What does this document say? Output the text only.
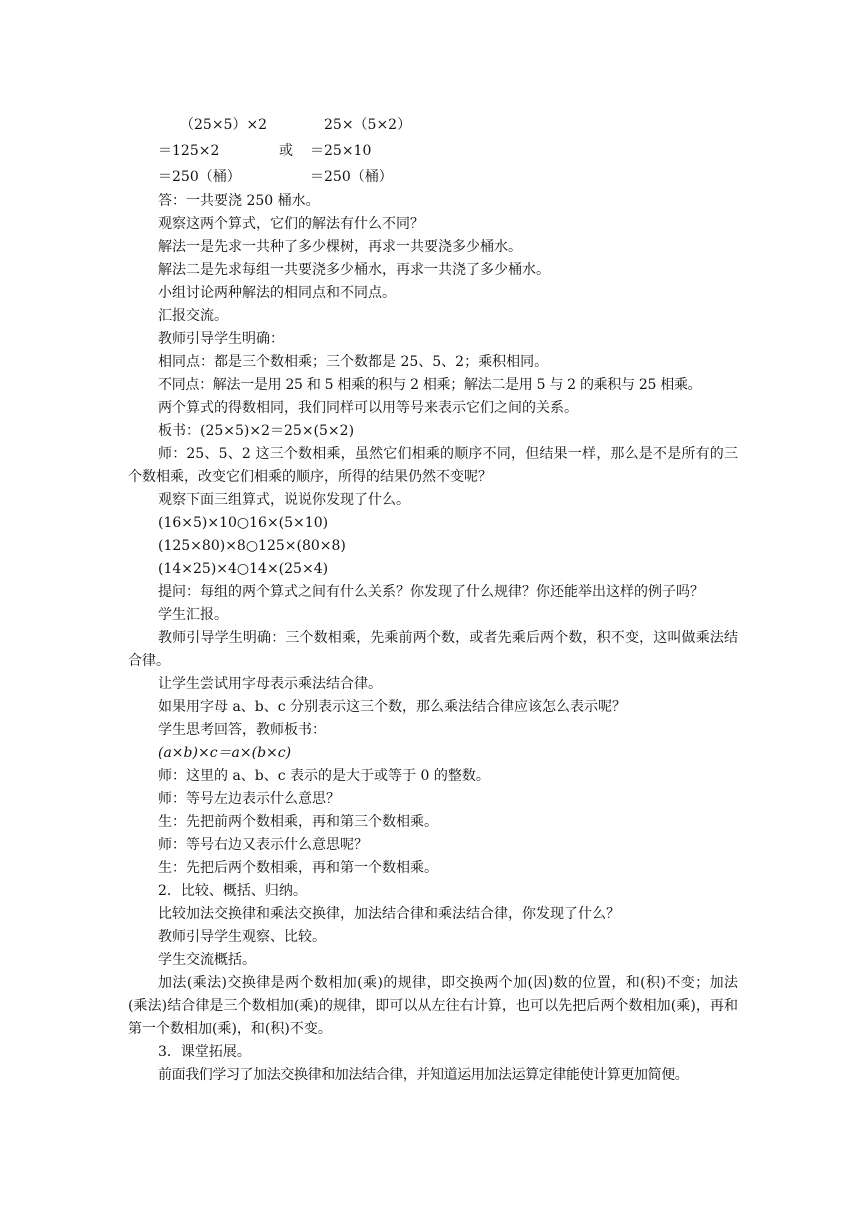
（25×5）×2	25×（5×2）
＝125×2	或 ＝25×10
＝250（桶）	＝250（桶）

答：一共要浇 250 桶水。

观察这两个算式，它们的解法有什么不同？

解法一是先求一共种了多少棵树，再求一共要浇多少桶水。

解法二是先求每组一共要浇多少桶水，再求一共浇了多少桶水。

小组讨论两种解法的相同点和不同点。

汇报交流。

教师引导学生明确：

相同点：都是三个数相乘；三个数都是 25、5、2；乘积相同。

不同点：解法一是用 25 和 5 相乘的积与 2 相乘；解法二是用 5 与 2 的乘积与 25 相乘。

两个算式的得数相同，我们同样可以用等号来表示它们之间的关系。

板书：(25×5)×2＝25×(5×2)

师：25、5、2 这三个数相乘，虽然它们相乘的顺序不同，但结果一样，那么是不是所有的三个数相乘，改变它们相乘的顺序，所得的结果仍然不变呢？

观察下面三组算式，说说你发现了什么。

(16×5)×10○16×(5×10)

(125×80)×8○125×(80×8)

(14×25)×4○14×(25×4)

提问：每组的两个算式之间有什么关系？你发现了什么规律？你还能举出这样的例子吗？

学生汇报。

教师引导学生明确：三个数相乘，先乘前两个数，或者先乘后两个数，积不变，这叫做乘法结合律。

让学生尝试用字母表示乘法结合律。

如果用字母 a、b、c 分别表示这三个数，那么乘法结合律应该怎么表示呢？

学生思考回答，教师板书：

(a×b)×c＝a×(b×c)

师：这里的 a、b、c 表示的是大于或等于 0 的整数。

师：等号左边表示什么意思？

生：先把前两个数相乘，再和第三个数相乘。

师：等号右边又表示什么意思呢？

生：先把后两个数相乘，再和第一个数相乘。

2．比较、概括、归纳。

比较加法交换律和乘法交换律，加法结合律和乘法结合律，你发现了什么？

教师引导学生观察、比较。

学生交流概括。

加法(乘法)交换律是两个数相加(乘)的规律，即交换两个加(因)数的位置，和(积)不变；加法(乘法)结合律是三个数相加(乘)的规律，即可以从左往右计算，也可以先把后两个数相加(乘)，再和第一个数相加(乘)，和(积)不变。

3．课堂拓展。

前面我们学习了加法交换律和加法结合律，并知道运用加法运算定律能使计算更加简便。
